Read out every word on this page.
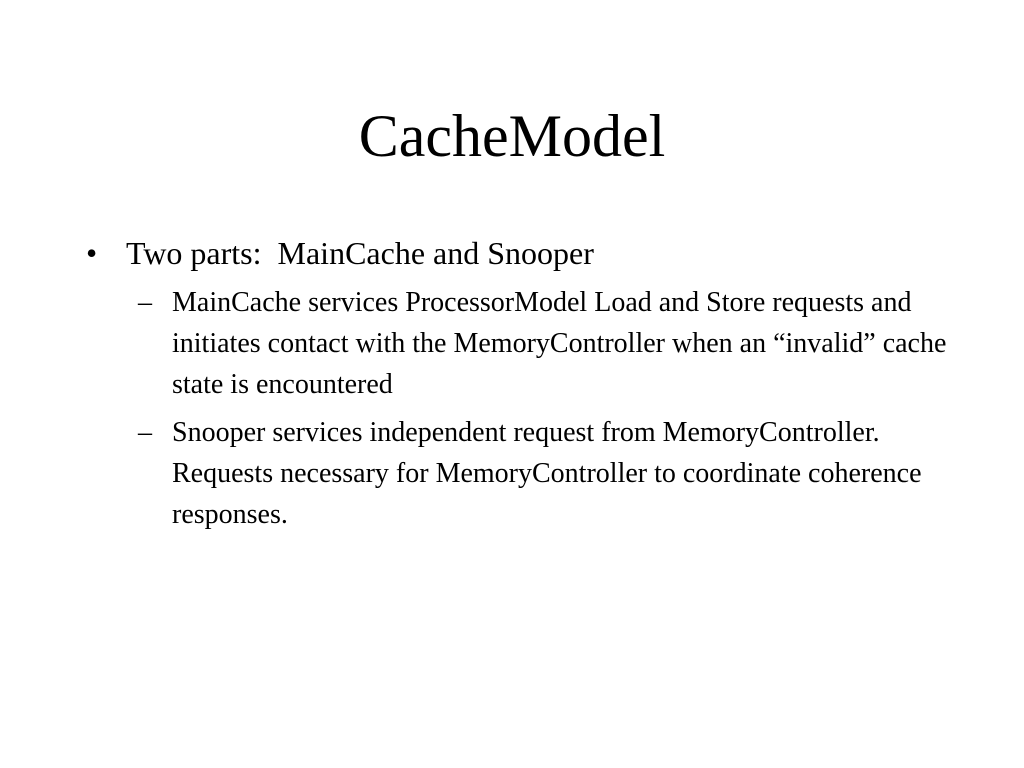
CacheModel
• Two parts:  MainCache and Snooper
– MainCache services ProcessorModel Load and Store requests and initiates contact with the MemoryController when an “invalid” cache state is encountered
– Snooper services independent request from MemoryController.  Requests necessary for MemoryController to coordinate coherence responses.
